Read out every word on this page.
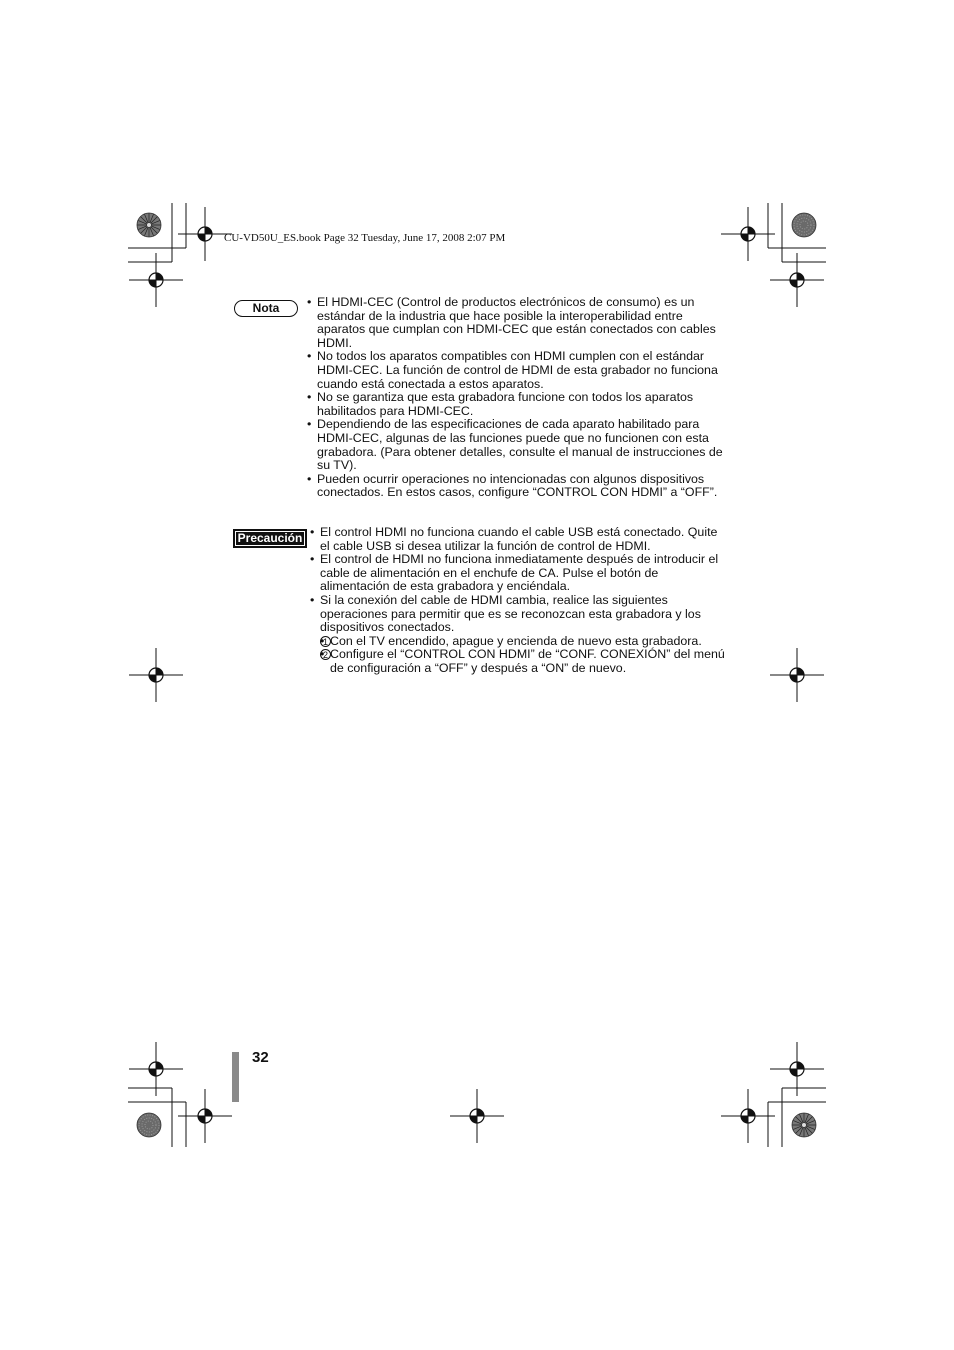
CU-VD50U_ES.book Page 32 Tuesday, June 17, 2008 2:07 PM
Nota	• El HDMI-CEC (Control de productos electrónicos de consumo) es un estándar de la industria que hace posible la interoperabilidad entre aparatos que cumplan con HDMI-CEC que están conectados con cables HDMI.
• No todos los aparatos compatibles con HDMI cumplen con el estándar HDMI-CEC. La función de control de HDMI de esta grabador no funciona cuando está conectada a estos aparatos.
• No se garantiza que esta grabadora funcione con todos los aparatos habilitados para HDMI-CEC.
• Dependiendo de las especificaciones de cada aparato habilitado para HDMI-CEC, algunas de las funciones puede que no funcionen con esta grabadora. (Para obtener detalles, consulte el manual de instrucciones de su TV).
• Pueden ocurrir operaciones no intencionadas con algunos dispositivos conectados. En estos casos, configure “CONTROL CON HDMI” a “OFF”.
Precaución	• El control HDMI no funciona cuando el cable USB está conectado. Quite el cable USB si desea utilizar la función de control de HDMI.
• El control de HDMI no funciona inmediatamente después de introducir el cable de alimentación en el enchufe de CA. Pulse el botón de alimentación de esta grabadora y enciéndala.
• Si la conexión del cable de HDMI cambia, realice las siguientes operaciones para permitir que es se reconozcan esta grabadora y los dispositivos conectados.
• 1 Con el TV encendido, apague y encienda de nuevo esta grabadora.
• 2 Configure el “CONTROL CON HDMI” de “CONF. CONEXIÓN” del menú de configuración a “OFF” y después a “ON” de nuevo.
32
